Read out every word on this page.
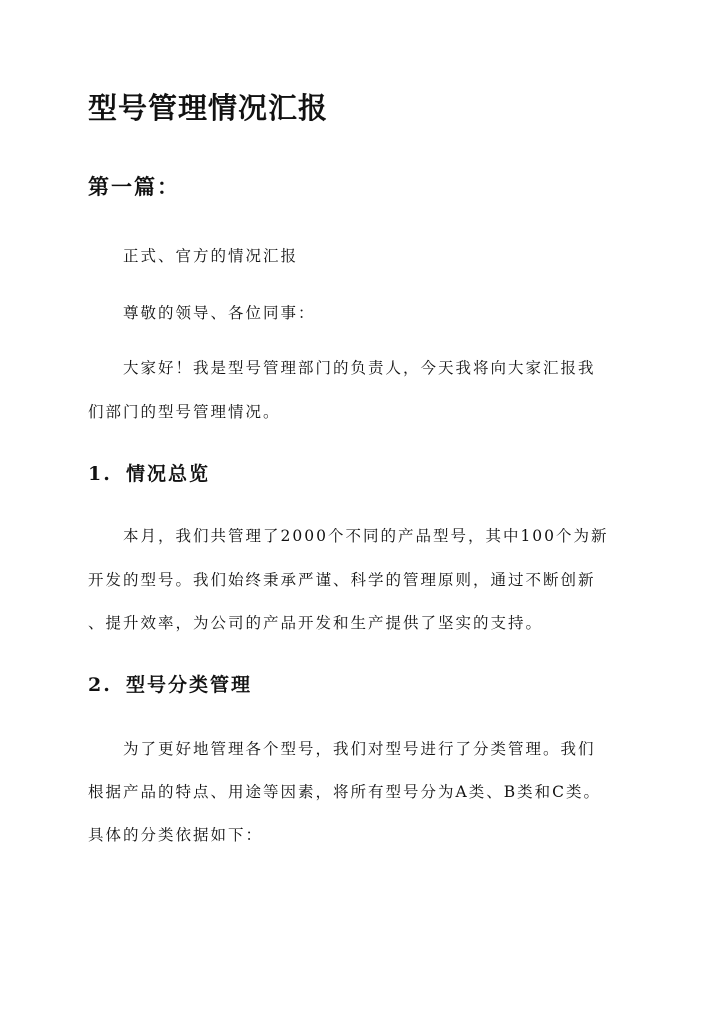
型号管理情况汇报
第一篇：
正式、官方的情况汇报
尊敬的领导、各位同事：
大家好！我是型号管理部门的负责人，今天我将向大家汇报我
们部门的型号管理情况。
1. 情况总览
本月，我们共管理了2000个不同的产品型号，其中100个为新
开发的型号。我们始终秉承严谨、科学的管理原则，通过不断创新
、提升效率，为公司的产品开发和生产提供了坚实的支持。
2. 型号分类管理
为了更好地管理各个型号，我们对型号进行了分类管理。我们
根据产品的特点、用途等因素，将所有型号分为A类、B类和C类。
具体的分类依据如下：
